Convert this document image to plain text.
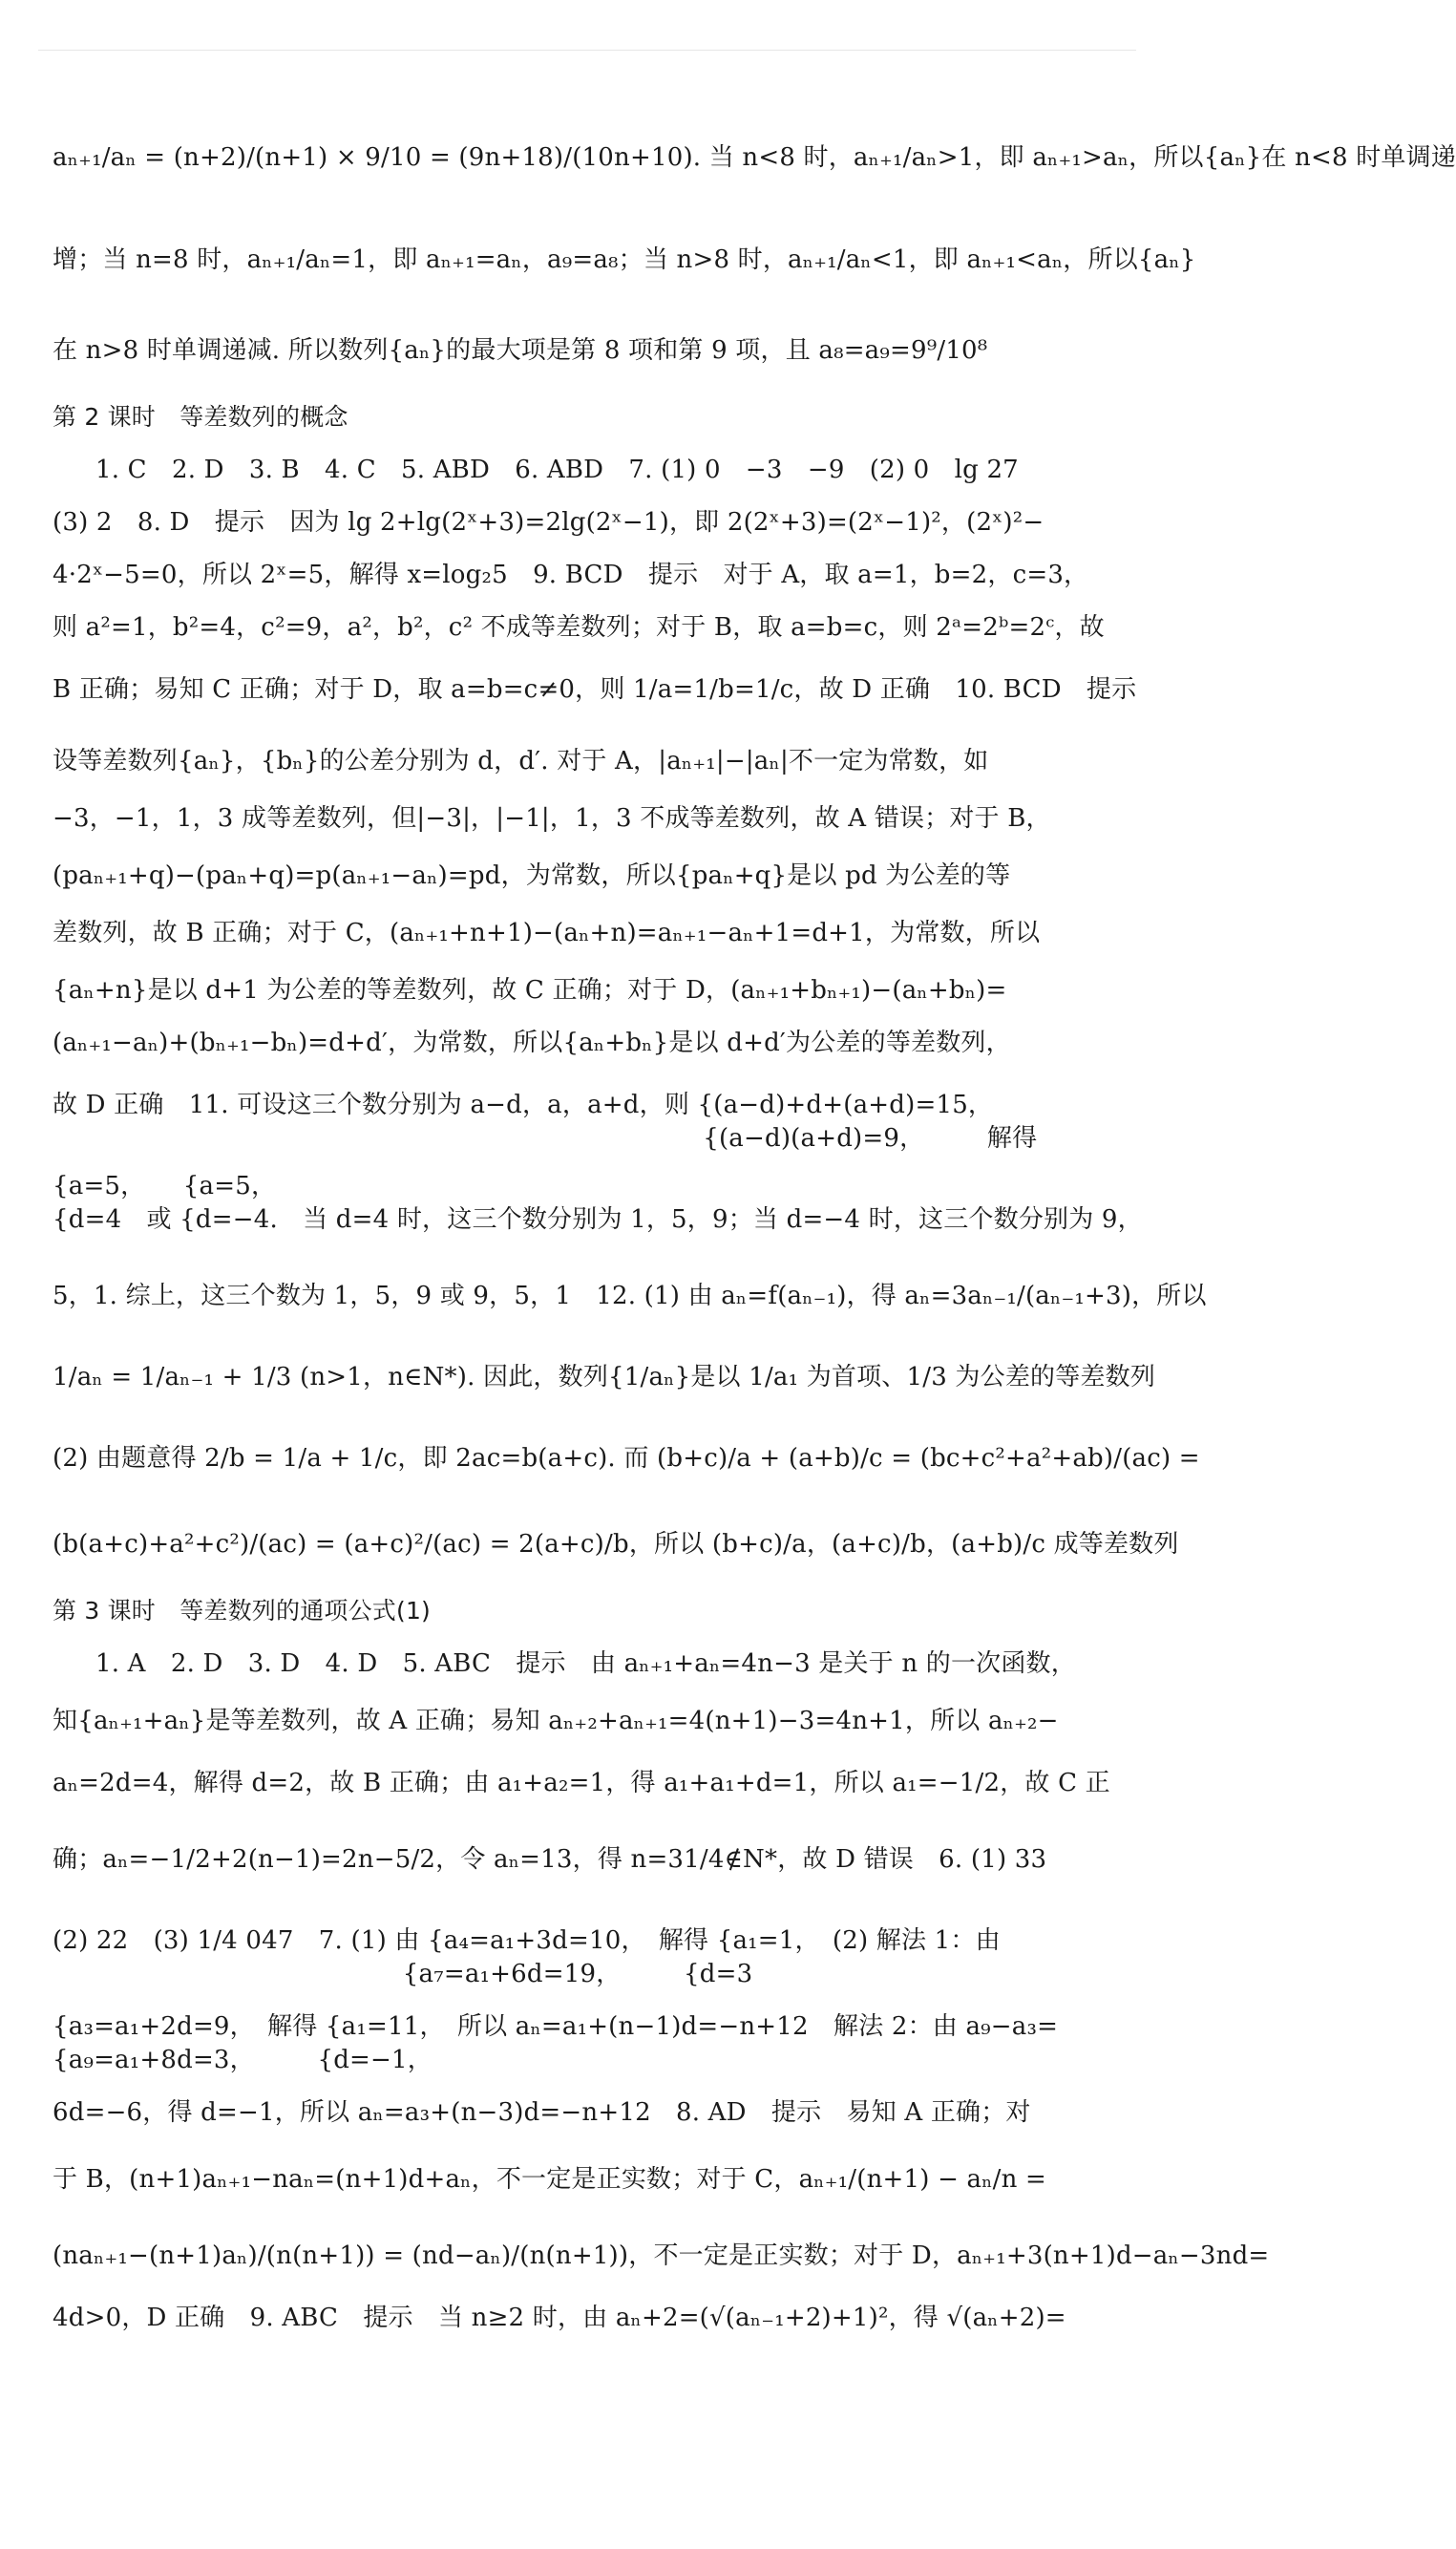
aₙ₊₁/aₙ = (n+2)/(n+1) × 9/10 = (9n+18)/(10n+10). 当 n<8 时，aₙ₊₁/aₙ>1，即 aₙ₊₁>aₙ，所以{aₙ}在 n<8 时单调递
增；当 n=8 时，aₙ₊₁/aₙ=1，即 aₙ₊₁=aₙ，a₉=a₈；当 n>8 时，aₙ₊₁/aₙ<1，即 aₙ₊₁<aₙ，所以{aₙ}
在 n>8 时单调递减. 所以数列{aₙ}的最大项是第 8 项和第 9 项，且 a₈=a₉=9⁹/10⁸
第 2 课时　等差数列的概念
1. C　2. D　3. B　4. C　5. ABD　6. ABD　7. (1) 0　−3　−9　(2) 0　lg 27
(3) 2　8. D　提示　因为 lg 2+lg(2ˣ+3)=2lg(2ˣ−1)，即 2(2ˣ+3)=(2ˣ−1)²，(2ˣ)²−
4·2ˣ−5=0，所以 2ˣ=5，解得 x=log₂5　9. BCD　提示　对于 A，取 a=1，b=2，c=3，
则 a²=1，b²=4，c²=9，a²，b²，c² 不成等差数列；对于 B，取 a=b=c，则 2ᵃ=2ᵇ=2ᶜ，故
B 正确；易知 C 正确；对于 D，取 a=b=c≠0，则 1/a=1/b=1/c，故 D 正确　10. BCD　提示
设等差数列{aₙ}，{bₙ}的公差分别为 d，d′. 对于 A，|aₙ₊₁|−|aₙ|不一定为常数，如
−3，−1，1，3 成等差数列，但|−3|，|−1|，1，3 不成等差数列，故 A 错误；对于 B，
(paₙ₊₁+q)−(paₙ+q)=p(aₙ₊₁−aₙ)=pd，为常数，所以{paₙ+q}是以 pd 为公差的等
差数列，故 B 正确；对于 C，(aₙ₊₁+n+1)−(aₙ+n)=aₙ₊₁−aₙ+1=d+1，为常数，所以
{aₙ+n}是以 d+1 为公差的等差数列，故 C 正确；对于 D，(aₙ₊₁+bₙ₊₁)−(aₙ+bₙ)=
(aₙ₊₁−aₙ)+(bₙ₊₁−bₙ)=d+d′，为常数，所以{aₙ+bₙ}是以 d+d′为公差的等差数列，
故 D 正确　11. 可设这三个数分别为 a−d，a，a+d，则 {(a−d)+d+(a+d)=15，
　　　　　　　　　　　　　　　　　　　　　　　　　　{(a−d)(a+d)=9，　　　解得
{a=5，　　{a=5，
{d=4　或 {d=−4.　当 d=4 时，这三个数分别为 1，5，9；当 d=−4 时，这三个数分别为 9，
5，1. 综上，这三个数为 1，5，9 或 9，5，1　12. (1) 由 aₙ=f(aₙ₋₁)，得 aₙ=3aₙ₋₁/(aₙ₋₁+3)，所以
1/aₙ = 1/aₙ₋₁ + 1/3 (n>1，n∈N*). 因此，数列{1/aₙ}是以 1/a₁ 为首项、1/3 为公差的等差数列
(2) 由题意得 2/b = 1/a + 1/c，即 2ac=b(a+c). 而 (b+c)/a + (a+b)/c = (bc+c²+a²+ab)/(ac) =
(b(a+c)+a²+c²)/(ac) = (a+c)²/(ac) = 2(a+c)/b，所以 (b+c)/a，(a+c)/b，(a+b)/c 成等差数列
第 3 课时　等差数列的通项公式(1)
1. A　2. D　3. D　4. D　5. ABC　提示　由 aₙ₊₁+aₙ=4n−3 是关于 n 的一次函数，
知{aₙ₊₁+aₙ}是等差数列，故 A 正确；易知 aₙ₊₂+aₙ₊₁=4(n+1)−3=4n+1，所以 aₙ₊₂−
aₙ=2d=4，解得 d=2，故 B 正确；由 a₁+a₂=1，得 a₁+a₁+d=1，所以 a₁=−1/2，故 C 正
确；aₙ=−1/2+2(n−1)=2n−5/2，令 aₙ=13，得 n=31/4∉N*，故 D 错误　6. (1) 33
(2) 22　(3) 1/4 047　7. (1) 由 {a₄=a₁+3d=10，　解得 {a₁=1，　(2) 解法 1：由
　　　　　　　　　　　　　　{a₇=a₁+6d=19，　　　{d=3
{a₃=a₁+2d=9，　解得 {a₁=11，　所以 aₙ=a₁+(n−1)d=−n+12　解法 2：由 a₉−a₃=
{a₉=a₁+8d=3，　　　{d=−1，
6d=−6，得 d=−1，所以 aₙ=a₃+(n−3)d=−n+12　8. AD　提示　易知 A 正确；对
于 B，(n+1)aₙ₊₁−naₙ=(n+1)d+aₙ，不一定是正实数；对于 C，aₙ₊₁/(n+1) − aₙ/n =
(naₙ₊₁−(n+1)aₙ)/(n(n+1)) = (nd−aₙ)/(n(n+1))，不一定是正实数；对于 D，aₙ₊₁+3(n+1)d−aₙ−3nd=
4d>0，D 正确　9. ABC　提示　当 n≥2 时，由 aₙ+2=(√(aₙ₋₁+2)+1)²，得 √(aₙ+2)=
